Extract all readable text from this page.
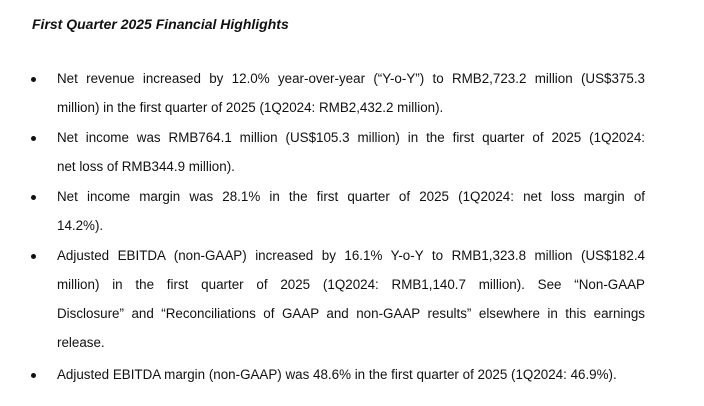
First Quarter 2025 Financial Highlights
Net revenue increased by 12.0% year-over-year (“Y-o-Y”) to RMB2,723.2 million (US$375.3
million) in the first quarter of 2025 (1Q2024: RMB2,432.2 million).
Net income was RMB764.1 million (US$105.3 million) in the first quarter of 2025 (1Q2024:
net loss of RMB344.9 million).
Net income margin was 28.1% in the first quarter of 2025 (1Q2024: net loss margin of
14.2%).
Adjusted EBITDA (non-GAAP) increased by 16.1% Y-o-Y to RMB1,323.8 million (US$182.4
million) in the first quarter of 2025 (1Q2024: RMB1,140.7 million). See “Non-GAAP
Disclosure” and “Reconciliations of GAAP and non-GAAP results” elsewhere in this earnings
release.
Adjusted EBITDA margin (non-GAAP) was 48.6% in the first quarter of 2025 (1Q2024: 46.9%).
